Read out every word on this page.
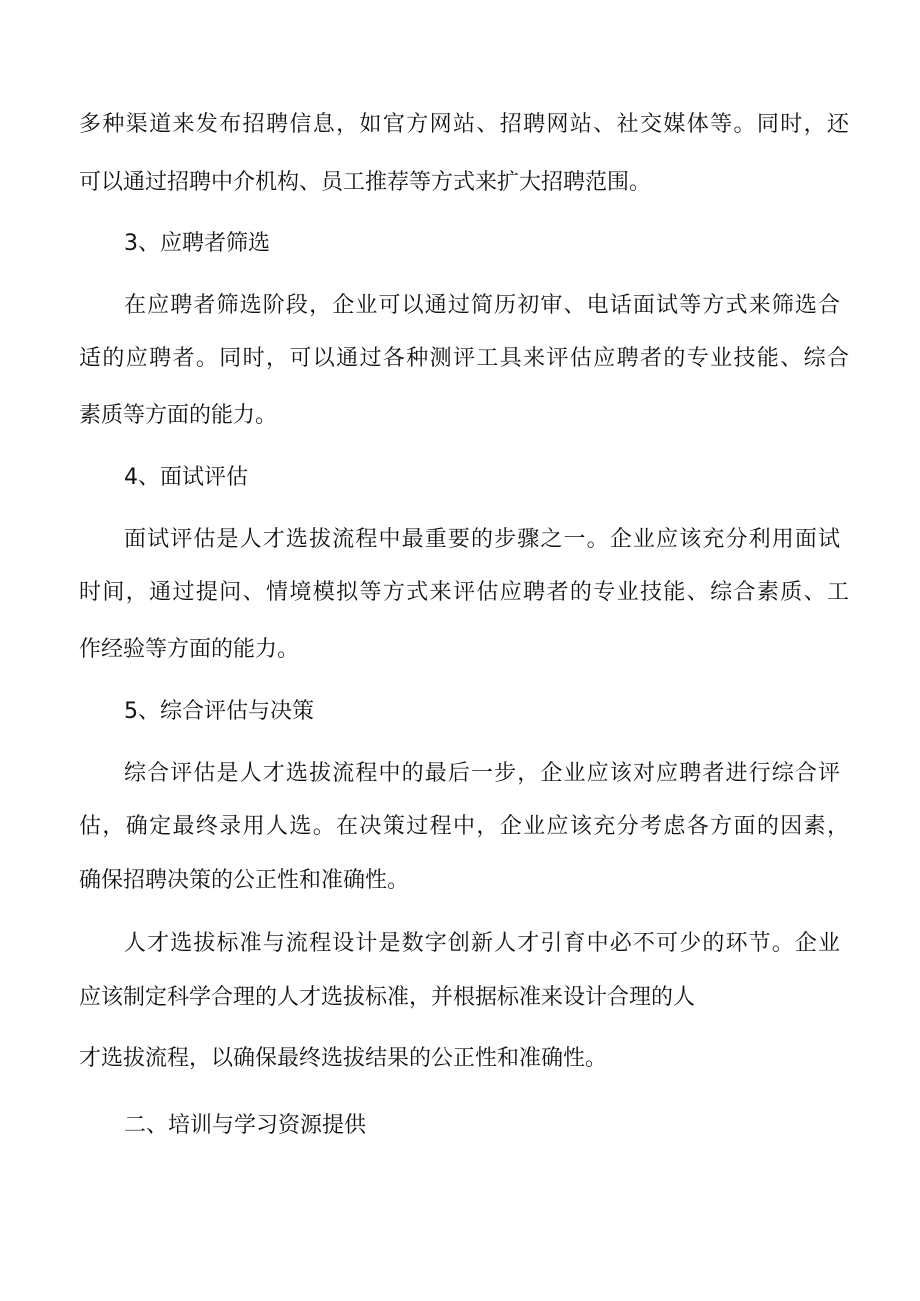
多种渠道来发布招聘信息，如官方网站、招聘网站、社交媒体等。同时，还
可以通过招聘中介机构、员工推荐等方式来扩大招聘范围。
3、应聘者筛选
在应聘者筛选阶段，企业可以通过简历初审、电话面试等方式来筛选合
适的应聘者。同时，可以通过各种测评工具来评估应聘者的专业技能、综合
素质等方面的能力。
4、面试评估
面试评估是人才选拔流程中最重要的步骤之一。企业应该充分利用面试
时间，通过提问、情境模拟等方式来评估应聘者的专业技能、综合素质、工
作经验等方面的能力。
5、综合评估与决策
综合评估是人才选拔流程中的最后一步，企业应该对应聘者进行综合评
估，确定最终录用人选。在决策过程中，企业应该充分考虑各方面的因素，
确保招聘决策的公正性和准确性。
人才选拔标准与流程设计是数字创新人才引育中必不可少的环节。企业
应该制定科学合理的人才选拔标准，并根据标准来设计合理的人
才选拔流程，以确保最终选拔结果的公正性和准确性。
二、培训与学习资源提供
